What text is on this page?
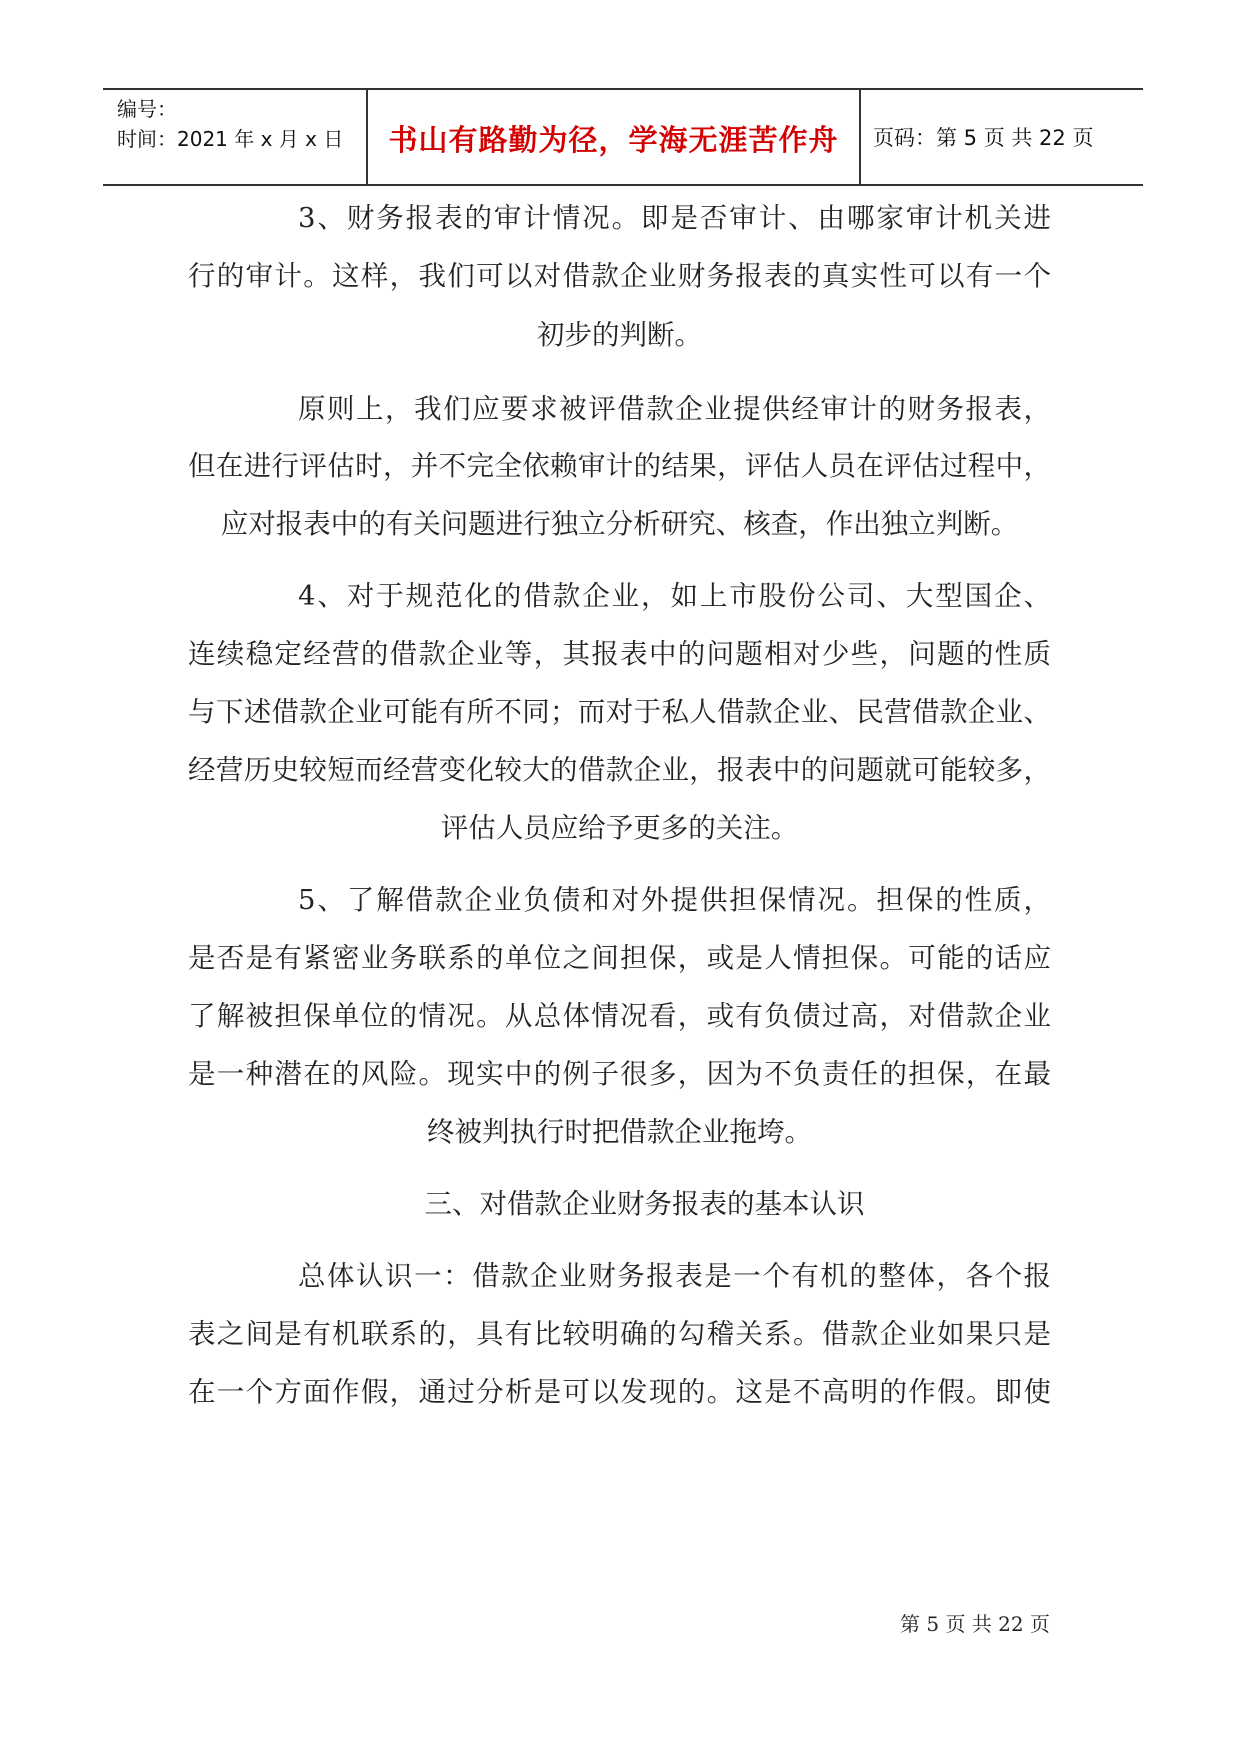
编号：
时间：2021 年 x 月 x 日	书山有路勤为径，学海无涯苦作舟	页码：第 5 页 共 22 页
3、财务报表的审计情况。即是否审计、由哪家审计机关进
行的审计。这样，我们可以对借款企业财务报表的真实性可以有一个
初步的判断。
原则上，我们应要求被评借款企业提供经审计的财务报表，
但在进行评估时，并不完全依赖审计的结果，评估人员在评估过程中，
应对报表中的有关问题进行独立分析研究、核查，作出独立判断。
4、对于规范化的借款企业，如上市股份公司、大型国企、
连续稳定经营的借款企业等，其报表中的问题相对少些，问题的性质
与下述借款企业可能有所不同；而对于私人借款企业、民营借款企业、
经营历史较短而经营变化较大的借款企业，报表中的问题就可能较多，
评估人员应给予更多的关注。
5、了解借款企业负债和对外提供担保情况。担保的性质，
是否是有紧密业务联系的单位之间担保，或是人情担保。可能的话应
了解被担保单位的情况。从总体情况看，或有负债过高，对借款企业
是一种潜在的风险。现实中的例子很多，因为不负责任的担保，在最
终被判执行时把借款企业拖垮。
三、对借款企业财务报表的基本认识
总体认识一：借款企业财务报表是一个有机的整体，各个报
表之间是有机联系的，具有比较明确的勾稽关系。借款企业如果只是
在一个方面作假，通过分析是可以发现的。这是不高明的作假。即使
第 5 页 共 22 页
